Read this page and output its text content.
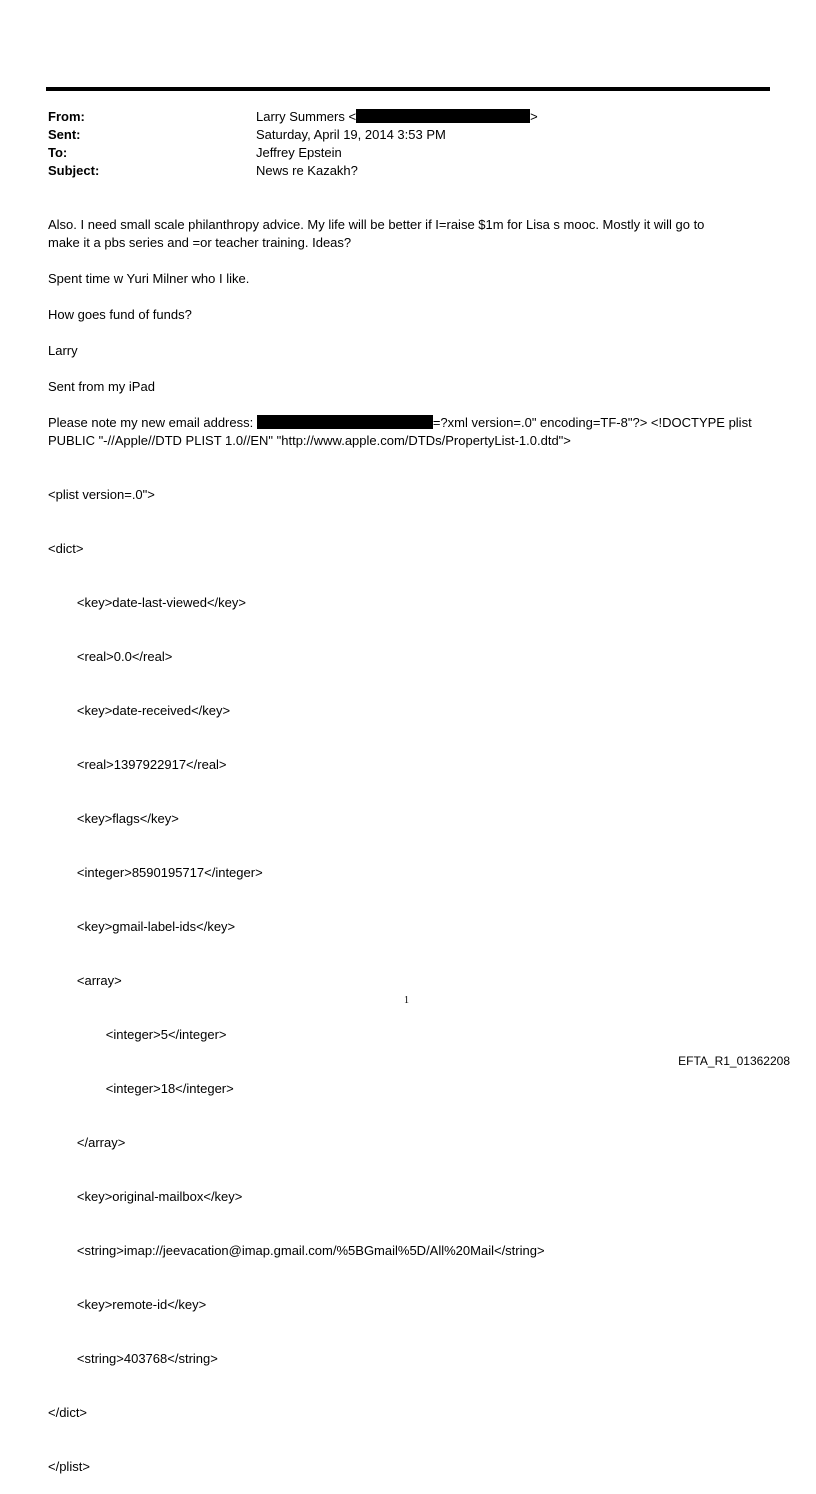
From:	Larry Summers <	>
Sent:	Saturday, April 19, 2014 3:53 PM
To:	Jeffrey Epstein
Subject:	News re Kazakh?
Also. I need small scale philanthropy advice. My life will be better if I=raise $1m for Lisa s mooc. Mostly it will go to
make it a pbs series and =or teacher training. Ideas?
Spent time w Yuri Milner who I like.
How goes fund of funds?
Larry
Sent from my iPad
Please note my new email address:	=?xml version=.0" encoding=TF-8"?> <!DOCTYPE plist
PUBLIC "-//Apple//DTD PLIST 1.0//EN" "http://www.apple.com/DTDs/PropertyList-1.0.dtd">

<plist version=.0">

<dict>

<key>date-last-viewed</key>

<real>0.0</real>

<key>date-received</key>

<real>1397922917</real>

<key>flags</key>

<integer>8590195717</integer>

<key>gmail-label-ids</key>

<array>

<integer>5</integer>

<integer>18</integer>

</array>

<key>original-mailbox</key>

<string>imap://jeevacation@imap.gmail.com/%5BGmail%5D/All%20Mail</string>

<key>remote-id</key>

<string>403768</string>

</dict>

</plist>

1
EFTA_R1_01362208
